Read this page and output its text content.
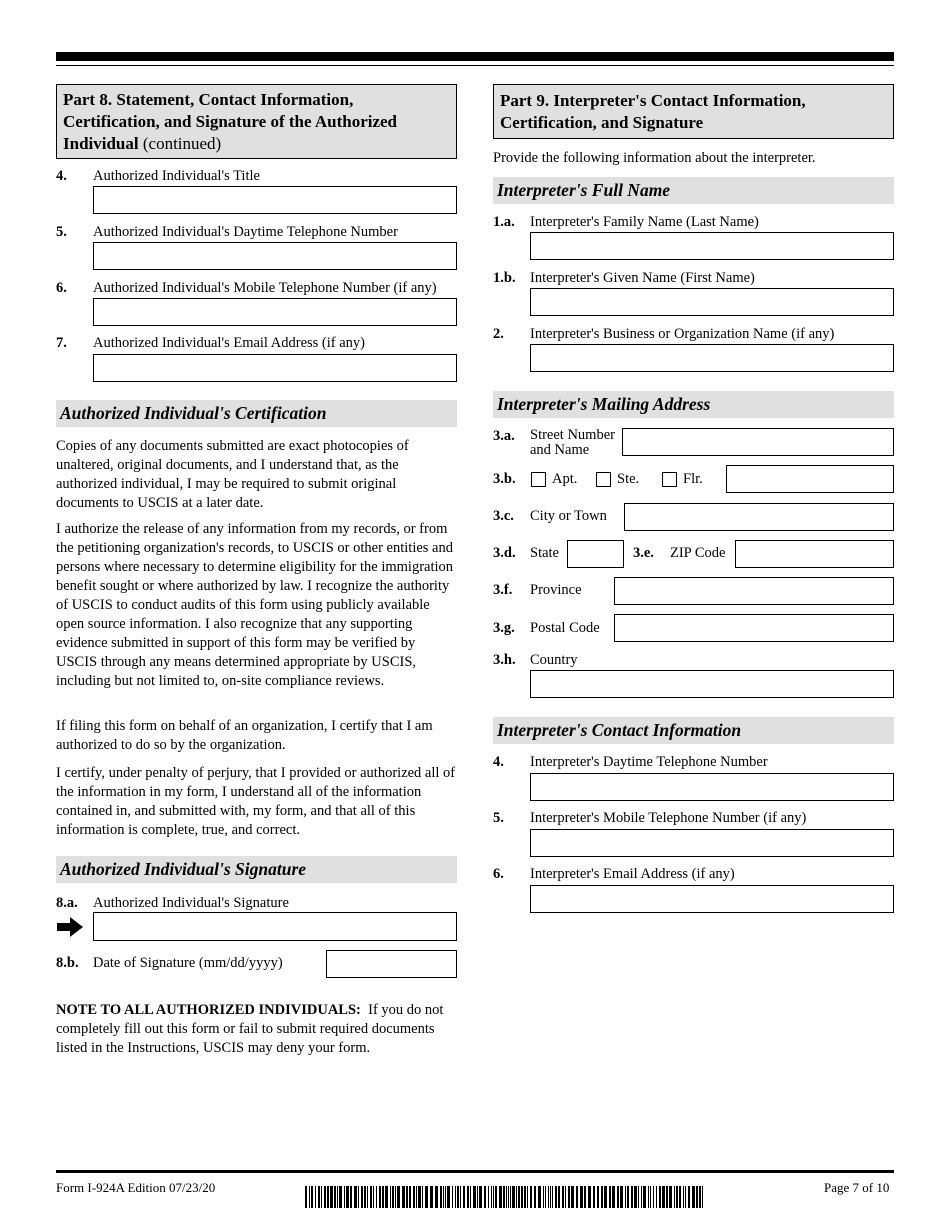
Part 8. Statement, Contact Information, Certification, and Signature of the Authorized Individual (continued)
4. Authorized Individual's Title
5. Authorized Individual's Daytime Telephone Number
6. Authorized Individual's Mobile Telephone Number (if any)
7. Authorized Individual's Email Address (if any)
Authorized Individual's Certification

Copies of any documents submitted are exact photocopies of unaltered, original documents, and I understand that, as the authorized individual, I may be required to submit original documents to USCIS at a later date.

I authorize the release of any information from my records, or from the petitioning organization's records, to USCIS or other entities and persons where necessary to determine eligibility for the immigration benefit sought or where authorized by law. I recognize the authority of USCIS to conduct audits of this form using publicly available open source information. I also recognize that any supporting evidence submitted in support of this form may be verified by USCIS through any means determined appropriate by USCIS, including but not limited to, on-site compliance reviews.

If filing this form on behalf of an organization, I certify that I am authorized to do so by the organization.

I certify, under penalty of perjury, that I provided or authorized all of the information in my form, I understand all of the information contained in, and submitted with, my form, and that all of this information is complete, true, and correct.

Authorized Individual's Signature
8.a. Authorized Individual's Signature
8.b. Date of Signature (mm/dd/yyyy)

NOTE TO ALL AUTHORIZED INDIVIDUALS: If you do not completely fill out this form or fail to submit required documents listed in the Instructions, USCIS may deny your form.

Part 9. Interpreter's Contact Information, Certification, and Signature
Provide the following information about the interpreter.
Interpreter's Full Name
1.a. Interpreter's Family Name (Last Name)
1.b. Interpreter's Given Name (First Name)
2. Interpreter's Business or Organization Name (if any)
Interpreter's Mailing Address
3.a. Street Number
and Name
3.b.	Apt.	Ste.	Flr.
3.c. City or Town
3.d. State	3.e. ZIP Code
3.f. Province
3.g. Postal Code
3.h. Country
Interpreter's Contact Information
4. Interpreter's Daytime Telephone Number
5. Interpreter's Mobile Telephone Number (if any)
6. Interpreter's Email Address (if any)
Form I-924A Edition 07/23/20	Page 7 of 10
